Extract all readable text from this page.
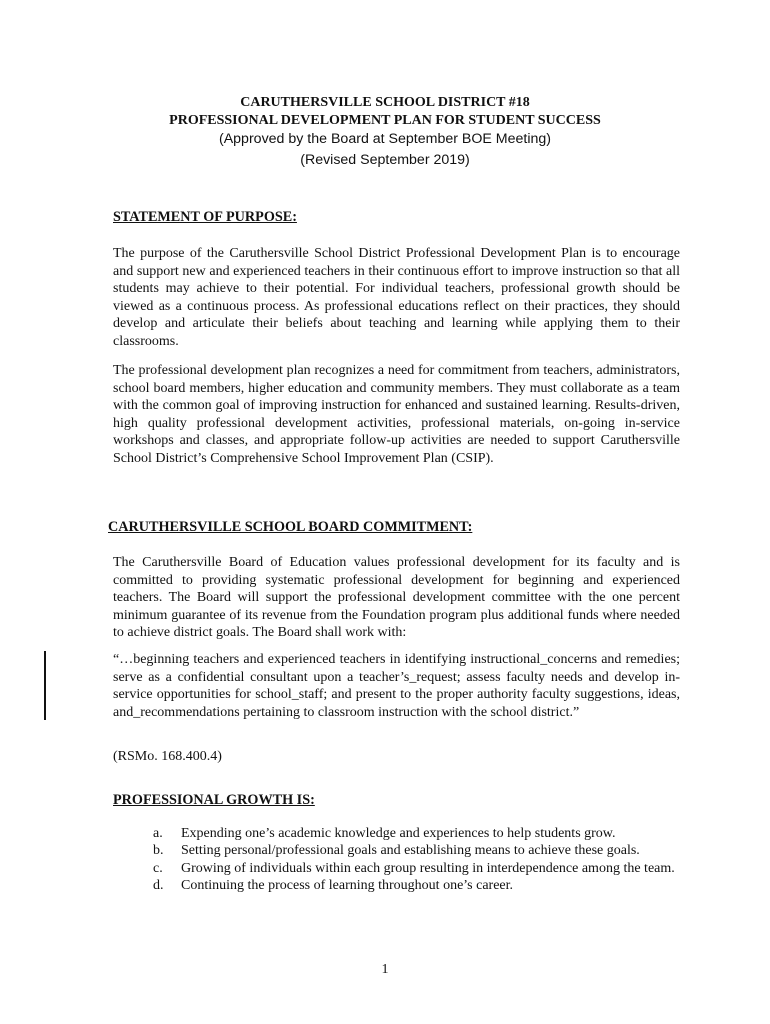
CARUTHERSVILLE SCHOOL DISTRICT #18
PROFESSIONAL DEVELOPMENT PLAN FOR STUDENT SUCCESS
(Approved by the Board at September BOE Meeting)
(Revised September 2019)
STATEMENT OF PURPOSE:

The purpose of the Caruthersville School District Professional Development Plan is to encourage and support new and experienced teachers in their continuous effort to improve instruction so that all students may achieve to their potential. For individual teachers, professional growth should be viewed as a continuous process. As professional educations reflect on their practices, they should develop and articulate their beliefs about teaching and learning while applying them to their classrooms.

The professional development plan recognizes a need for commitment from teachers, administrators, school board members, higher education and community members. They must collaborate as a team with the common goal of improving instruction for enhanced and sustained learning. Results-driven, high quality professional development activities, professional materials, on-going in-service workshops and classes, and appropriate follow-up activities are needed to support Caruthersville School District’s Comprehensive School Improvement Plan (CSIP).

CARUTHERSVILLE SCHOOL BOARD COMMITMENT:

The Caruthersville Board of Education values professional development for its faculty and is committed to providing systematic professional development for beginning and experienced teachers. The Board will support the professional development committee with the one percent minimum guarantee of its revenue from the Foundation program plus additional funds where needed to achieve district goals. The Board shall work with:

“…beginning teachers and experienced teachers in identifying instructional_concerns and remedies; serve as a confidential consultant upon a teacher’s_request; assess faculty needs and develop in-service opportunities for school_staff; and present to the proper authority faculty suggestions, ideas, and_recommendations pertaining to classroom instruction with the school district.”

(RSMo. 168.400.4)

PROFESSIONAL GROWTH IS:
a.	Expending one’s academic knowledge and experiences to help students grow.
b.	Setting personal/professional goals and establishing means to achieve these goals.
c.	Growing of individuals within each group resulting in interdependence among the team.
d.	Continuing the process of learning throughout one’s career.
1
